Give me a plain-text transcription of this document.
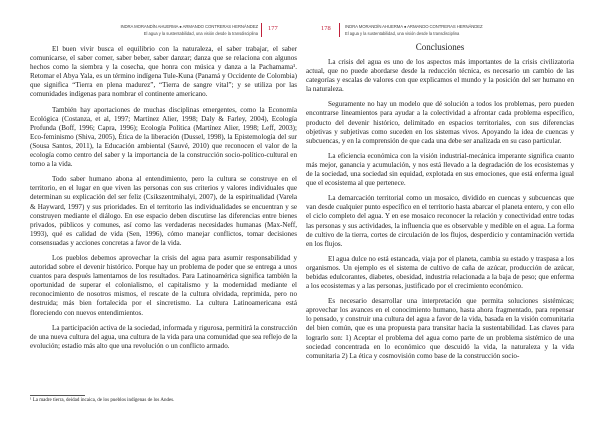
INDRA MORANDÍN AHUERMA ● ARMANDO CONTRERAS HERNÁNDEZ
El agua y la sustentabilidad, una visión desde la transdisciplina
177

El buen vivir busca el equilibrio con la naturaleza, el saber trabajar, el saber comunicarse, el saber comer, saber beber, saber danzar; danza que se relaciona con algunos hechos como la siembra y la cosecha, que honra con música y danza a la Pachamama¹. Retomar el Abya Yala, es un término indígena Tule-Kuna (Panamá y Occidente de Colombia) que significa “Tierra en plena madurez”, “Tierra de sangre vital”; y se utiliza por las comunidades indígenas para nombrar el continente americano.

También hay aportaciones de muchas disciplinas emergentes, como la Economía Ecológica (Costanza, et al, 1997; Martínez Alier, 1998; Daly & Farley, 2004), Ecología Profunda (Boff, 1996; Capra, 1996); Ecología Política (Martínez Alier, 1998; Leff, 2003); Eco-feminismo (Shiva, 2005), Ética de la liberación (Dussel, 1998), la Epistemología del sur (Sousa Santos, 2011), la Educación ambiental (Sauvé, 2010) que reconocen el valor de la ecología como centro del saber y la importancia de la construcción socio-político-cultural en torno a la vida.

Todo saber humano abona al entendimiento, pero la cultura se construye en el territorio, en el lugar en que viven las personas con sus criterios y valores individuales que determinan su explicación del ser feliz (Csikszentmihalyi, 2007), de la espiritualidad (Varela & Hayward, 1997) y sus prioridades. En el territorio las individualidades se encuentran y se construyen mediante el diálogo. En ese espacio deben discutirse las diferencias entre bienes privados, públicos y comunes, así como las verdaderas necesidades humanas (Max-Neff, 1993), qué es calidad de vida (Sen, 1996), cómo manejar conflictos, tomar decisiones consensuadas y acciones concretas a favor de la vida.

Los pueblos debemos aprovechar la crisis del agua para asumir responsabilidad y autoridad sobre el devenir histórico. Porque hay un problema de poder que se entrega a unos cuantos para después lamentarnos de los resultados. Para Latinoamérica significa también la oportunidad de superar el colonialismo, el capitalismo y la modernidad mediante el reconocimiento de nosotros mismos, el rescate de la cultura olvidada, reprimida, pero no destruida; más bien fortalecida por el sincretismo. La cultura Latinoamericana está floreciendo con nuevos entendimientos.

La participación activa de la sociedad, informada y rigurosa, permitirá la construcción de una nueva cultura del agua, una cultura de la vida para una comunidad que sea reflejo de la evolución; estadío más alto que una revolución o un conflicto armado.

¹ La madre tierra, deidad incaica, de los pueblos indígenas de los Andes.
178	INDRA MORANDÍN AHUERMA ● ARMANDO CONTRERAS HERNÁNDEZ
El agua y la sustentabilidad, una visión desde la transdisciplina
Conclusiones

La crisis del agua es uno de los aspectos más importantes de la crisis civilizatoria actual, que no puede abordarse desde la reducción técnica, es necesario un cambio de las categorías y escalas de valores con que explicamos el mundo y la posición del ser humano en la naturaleza.

Seguramente no hay un modelo que dé solución a todos los problemas, pero pueden encontrarse lineamientos para ayudar a la colectividad a afrontar cada problema específico, producto del devenir histórico, delimitado en espacios territoriales, con sus diferencias objetivas y subjetivas como suceden en los sistemas vivos. Apoyando la idea de cuencas y subcuencas, y en la comprensión de que cada una debe ser analizada en su caso particular.

La eficiencia económica con la visión industrial-mecánica imperante significa cuanto más mejor, ganancia y acumulación, y nos está llevado a la degradación de los ecosistemas y de la sociedad, una sociedad sin equidad, explotada en sus emociones, que está enferma igual que el ecosistema al que pertenece.

La demarcación territorial como un mosaico, dividido en cuencas y subcuencas que van desde cualquier punto específico en el territorio hasta abarcar el planeta entero, y con ello el ciclo completo del agua. Y en ese mosaico reconocer la relación y conectividad entre todas las personas y sus actividades, la influencia que es observable y medible en el agua. La forma de cultivo de la tierra, cortes de circulación de los flujos, desperdicio y contaminación vertida en los flujos.

El agua dulce no está estancada, viaja por el planeta, cambia su estado y traspasa a los organismos. Un ejemplo es el sistema de cultivo de caña de azúcar, producción de azúcar, bebidas edulcorantes, diabetes, obesidad, industria relacionada a la baja de peso; que enferma a los ecosistemas y a las personas, justificado por el crecimiento económico.

Es necesario desarrollar una interpretación que permita soluciones sistémicas; aprovechar los avances en el conocimiento humano, hasta ahora fragmentado, para repensar lo pensado, y construir una cultura del agua a favor de la vida, basada en la visión comunitaria del bien común, que es una propuesta para transitar hacia la sustentabilidad. Las claves para lograrlo son: 1) Aceptar el problema del agua como parte de un problema sistémico de una sociedad concentrada en lo económico que descuidó la vida, la naturaleza y la vida comunitaria 2) La ética y cosmovisión como base de la construcción socio-
